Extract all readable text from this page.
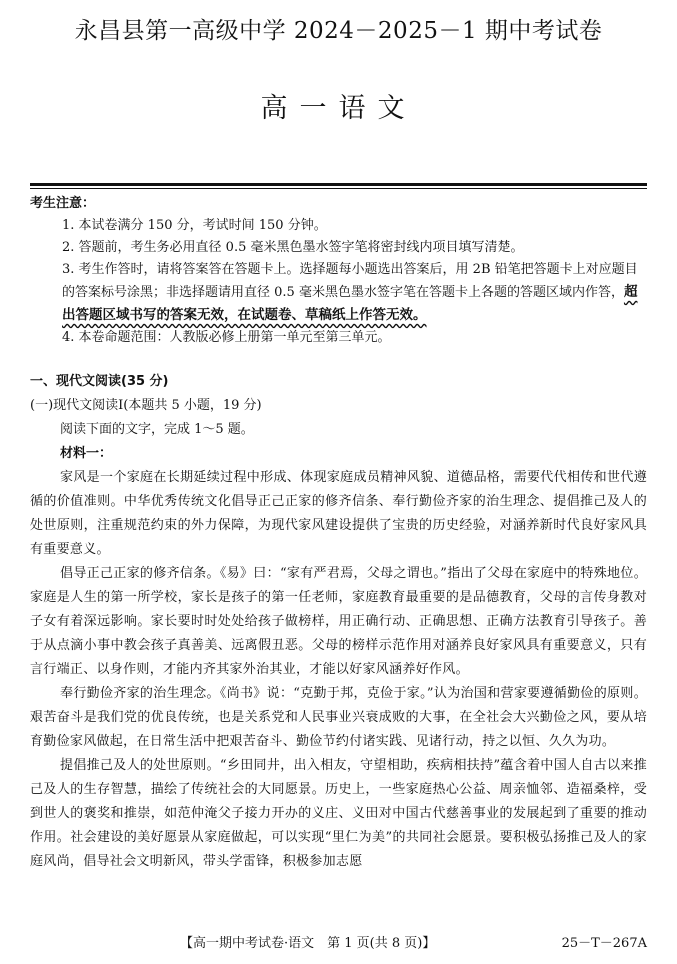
永昌县第一高级中学 2024－2025－1 期中考试卷
高一语文
考生注意：
1. 本试卷满分 150 分，考试时间 150 分钟。
2. 答题前，考生务必用直径 0.5 毫米黑色墨水签字笔将密封线内项目填写清楚。
3. 考生作答时，请将答案答在答题卡上。选择题每小题选出答案后，用 2B 铅笔把答题卡上对应题目的答案标号涂黑；非选择题请用直径 0.5 毫米黑色墨水签字笔在答题卡上各题的答题区域内作答，超出答题区域书写的答案无效，在试题卷、草稿纸上作答无效。
4. 本卷命题范围：人教版必修上册第一单元至第三单元。
一、现代文阅读(35 分)
(一)现代文阅读Ⅰ(本题共 5 小题，19 分)
阅读下面的文字，完成 1～5 题。
材料一：

家风是一个家庭在长期延续过程中形成、体现家庭成员精神风貌、道德品格，需要代代相传和世代遵循的价值准则。中华优秀传统文化倡导正己正家的修齐信条、奉行勤俭齐家的治生理念、提倡推己及人的处世原则，注重规范约束的外力保障，为现代家风建设提供了宝贵的历史经验，对涵养新时代良好家风具有重要意义。

倡导正己正家的修齐信条。《易》曰：“家有严君焉，父母之谓也。”指出了父母在家庭中的特殊地位。家庭是人生的第一所学校，家长是孩子的第一任老师，家庭教育最重要的是品德教育，父母的言传身教对子女有着深远影响。家长要时时处处给孩子做榜样，用正确行动、正确思想、正确方法教育引导孩子。善于从点滴小事中教会孩子真善美、远离假丑恶。父母的榜样示范作用对涵养良好家风具有重要意义，只有言行端正、以身作则，才能内齐其家外治其业，才能以好家风涵养好作风。

奉行勤俭齐家的治生理念。《尚书》说：“克勤于邦，克俭于家。”认为治国和营家要遵循勤俭的原则。艰苦奋斗是我们党的优良传统，也是关系党和人民事业兴衰成败的大事，在全社会大兴勤俭之风，要从培育勤俭家风做起，在日常生活中把艰苦奋斗、勤俭节约付诸实践、见诸行动，持之以恒、久久为功。

提倡推己及人的处世原则。“乡田同井，出入相友，守望相助，疾病相扶持”蕴含着中国人自古以来推己及人的生存智慧，描绘了传统社会的大同愿景。历史上，一些家庭热心公益、周亲恤邻、造福桑梓，受到世人的褒奖和推崇，如范仲淹父子接力开办的义庄、义田对中国古代慈善事业的发展起到了重要的推动作用。社会建设的美好愿景从家庭做起，可以实现“里仁为美”的共同社会愿景。要积极弘扬推己及人的家庭风尚，倡导社会文明新风，带头学雷锋，积极参加志愿

【高一期中考试卷·语文　第 1 页(共 8 页)】	25－T－267A
